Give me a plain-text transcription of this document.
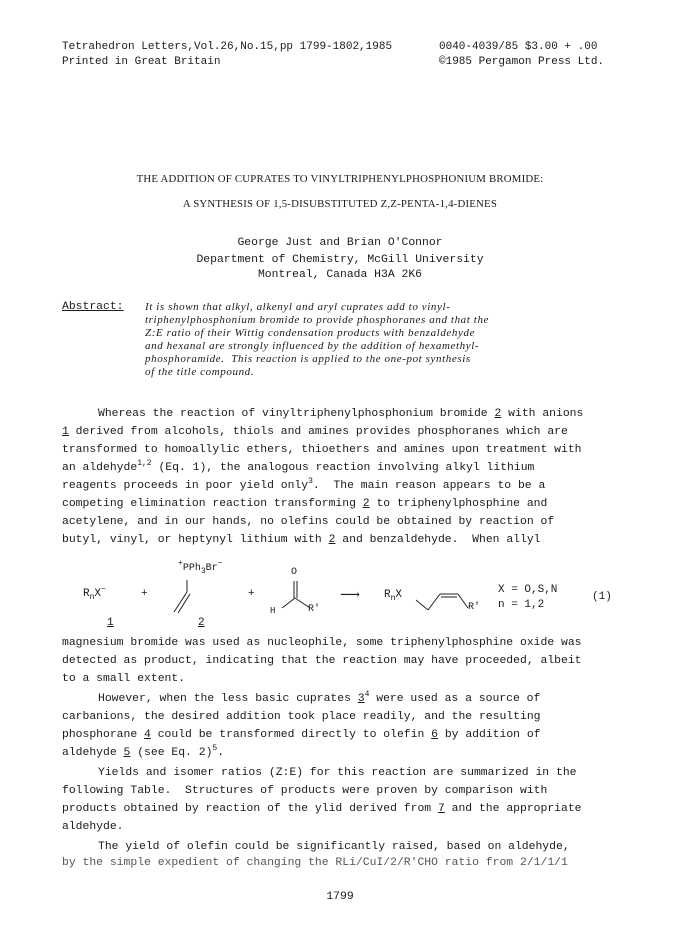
Tetrahedron Letters,Vol.26,No.15,pp 1799-1802,1985
Printed in Great Britain
0040-4039/85 $3.00 + .00
©1985 Pergamon Press Ltd.
THE ADDITION OF CUPRATES TO VINYLTRIPHENYLPHOSPHONIUM BROMIDE:
A SYNTHESIS OF 1,5-DISUBSTITUTED Z,Z-PENTA-1,4-DIENES
George Just and Brian O'Connor
Department of Chemistry, McGill University
Montreal, Canada H3A 2K6
Abstract: It is shown that alkyl, alkenyl and aryl cuprates add to vinyl-
triphenylphosphonium bromide to provide phosphoranes and that the
Z:E ratio of their Wittig condensation products with benzaldehyde
and hexanal are strongly influenced by the addition of hexamethyl-
phosphoramide.  This reaction is applied to the one-pot synthesis
of the title compound.
Whereas the reaction of vinyltriphenylphosphonium bromide 2 with anions
1 derived from alcohols, thiols and amines provides phosphoranes which are
transformed to homoallylic ethers, thioethers and amines upon treatment with
an aldehyde$^{1,2}$ (Eq. 1), the analogous reaction involving alkyl lithium
reagents proceeds in poor yield only$^3$.  The main reason appears to be a
competing elimination reaction transforming 2 to triphenylphosphine and
acetylene, and in our hands, no olefins could be obtained by reaction of
butyl, vinyl, or heptynyl lithium with 2 and benzaldehyde.  When allyl
$R_nX^-$	+
+PPh$_3$Br−
+
O
H	R'
⟶ $R_nX$
R'
X = O,S,N
n = 1,2
(1)
1	2
magnesium bromide was used as nucleophile, some triphenylphosphine oxide was
detected as product, indicating that the reaction may have proceeded, albeit
to a small extent.
However, when the less basic cuprates $3^4$ were used as a source of
carbanions, the desired addition took place readily, and the resulting
phosphorane 4 could be transformed directly to olefin 6 by addition of
aldehyde 5 (see Eq. 2)$^5$.
Yields and isomer ratios (Z:E) for this reaction are summarized in the
following Table.  Structures of products were proven by comparison with
products obtained by reaction of the ylid derived from 7 and the appropriate
aldehyde.
The yield of olefin could be significantly raised, based on aldehyde,
by the simple expedient of changing the RLi/CuI/2/R'CHO ratio from 2/1/1/1
1799
